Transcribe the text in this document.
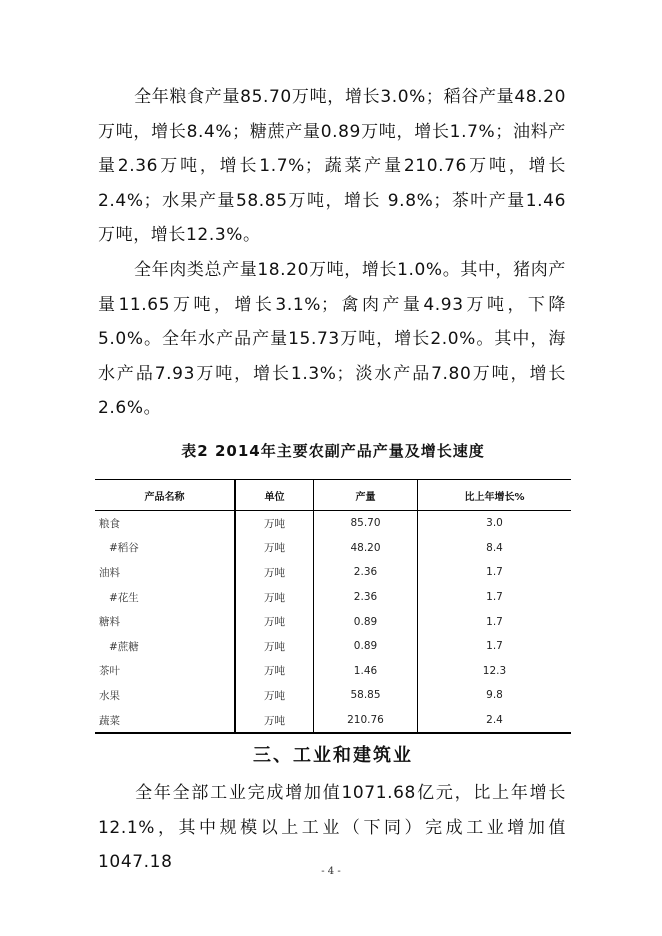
全年粮食产量85.70万吨，增长3.0%；稻谷产量48.20万吨，增长8.4%；糖蔗产量0.89万吨，增长1.7%；油料产量2.36万吨，增长1.7%；蔬菜产量210.76万吨，增长2.4%；水果产量58.85万吨，增长 9.8%；茶叶产量1.46万吨，增长12.3%。

全年肉类总产量18.20万吨，增长1.0%。其中，猪肉产量11.65万吨，增长3.1%；禽肉产量4.93万吨，下降5.0%。全年水产品产量15.73万吨，增长2.0%。其中，海水产品7.93万吨，增长1.3%；淡水产品7.80万吨，增长2.6%。

表2 2014年主要农副产品产量及增长速度
产品名称	单位	产量	比上年增长%
粮食	万吨	85.70	3.0
#稻谷	万吨	48.20	8.4
油料	万吨	2.36	1.7
#花生	万吨	2.36	1.7
糖料	万吨	0.89	1.7
#蔗糖	万吨	0.89	1.7
茶叶	万吨	1.46	12.3
水果	万吨	58.85	9.8
蔬菜	万吨	210.76	2.4
三、工业和建筑业

全年全部工业完成增加值1071.68亿元，比上年增长12.1%，其中规模以上工业（下同）完成工业增加值 1047.18	- 4 -
